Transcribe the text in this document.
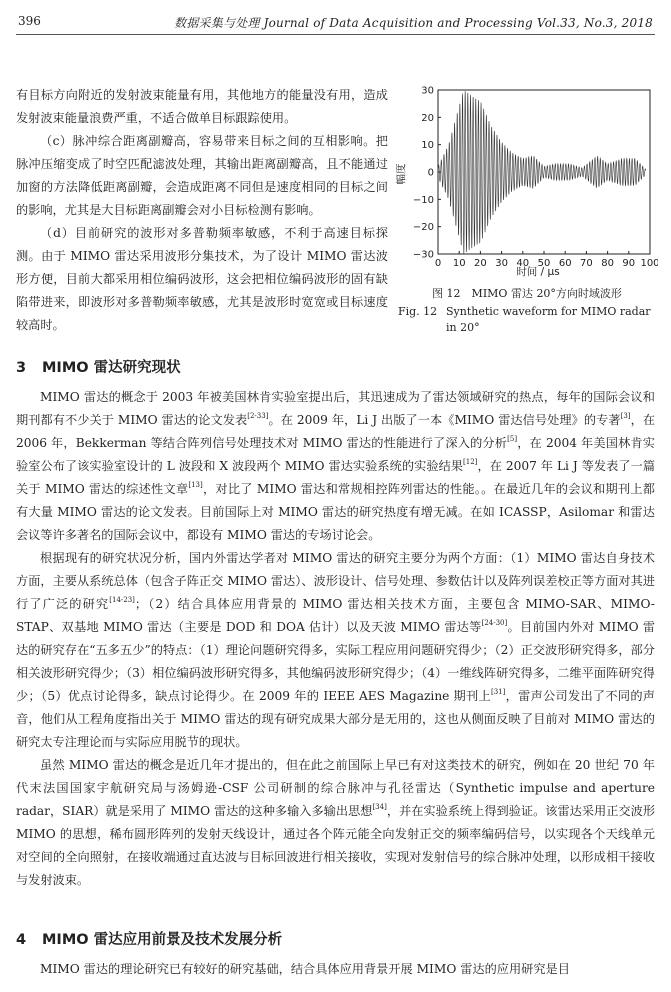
396	数据采集与处理 Journal of Data Acquisition and Processing Vol.33, No.3, 2018

有目标方向附近的发射波束能量有用，其他地方的能量没有用，造成发射波束能量浪费严重，不适合做单目标跟踪使用。

（c）脉冲综合距离副瓣高，容易带来目标之间的互相影响。把脉冲压缩变成了时空匹配滤波处理，其输出距离副瓣高，且不能通过加窗的方法降低距离副瓣，会造成距离不同但是速度相同的目标之间的影响，尤其是大目标距离副瓣会对小目标检测有影响。

（d）目前研究的波形对多普勒频率敏感，不利于高速目标探测。由于 MIMO 雷达采用波形分集技术，为了设计 MIMO 雷达波形方便，目前大都采用相位编码波形，这会把相位编码波形的固有缺陷带进来，即波形对多普勒频率敏感，尤其是波形时宽宽或目标速度较高时。

0 10 20 30 40 50 60 70 80 90 100
30
20
10
0
−10
−20
−30
时间 / μs
幅度
图 12　MIMO 雷达 20°方向时域波形
Fig. 12 Synthetic waveform for MIMO radar
in 20°
3 MIMO 雷达研究现状

MIMO 雷达的概念于 2003 年被美国林肯实验室提出后，其迅速成为了雷达领域研究的热点，每年的国际会议和期刊都有不少关于 MIMO 雷达的论文发表[2-33]。在 2009 年，Li J 出版了一本《MIMO 雷达信号处理》的专著[3]，在 2006 年，Bekkerman 等结合阵列信号处理技术对 MIMO 雷达的性能进行了深入的分析[5]，在 2004 年美国林肯实验室公布了该实验室设计的 L 波段和 X 波段两个 MIMO 雷达实验系统的实验结果[12]，在 2007 年 Li J 等发表了一篇关于 MIMO 雷达的综述性文章[13]，对比了 MIMO 雷达和常规相控阵列雷达的性能。。在最近几年的会议和期刊上都有大量 MIMO 雷达的论文发表。目前国际上对 MIMO 雷达的研究热度有增无减。在如 ICASSP，Asilomar 和雷达会议等许多著名的国际会议中，都设有 MIMO 雷达的专场讨论会。

根据现有的研究状况分析，国内外雷达学者对 MIMO 雷达的研究主要分为两个方面：（1）MIMO 雷达自身技术方面，主要从系统总体（包含子阵正交 MIMO 雷达）、波形设计、信号处理、参数估计以及阵列误差校正等方面对其进行了广泛的研究[14-23]；（2）结合具体应用背景的 MIMO 雷达相关技术方面，主要包含 MIMO-SAR、MIMO-STAP、双基地 MIMO 雷达（主要是 DOD 和 DOA 估计）以及天波 MIMO 雷达等[24-30]。目前国内外对 MIMO 雷达的研究存在“五多五少”的特点：（1）理论问题研究得多，实际工程应用问题研究得少；（2）正交波形研究得多，部分相关波形研究得少；（3）相位编码波形研究得多，其他编码波形研究得少；（4）一维线阵研究得多，二维平面阵研究得少；（5）优点讨论得多，缺点讨论得少。在 2009 年的 IEEE AES Magazine 期刊上[31]，雷声公司发出了不同的声音，他们从工程角度指出关于 MIMO 雷达的现有研究成果大部分是无用的，这也从侧面反映了目前对 MIMO 雷达的研究太专注理论而与实际应用脱节的现状。

虽然 MIMO 雷达的概念是近几年才提出的，但在此之前国际上早已有对这类技术的研究，例如在 20 世纪 70 年代末法国国家宇航研究局与汤姆逊-CSF 公司研制的综合脉冲与孔径雷达（Synthetic impulse and aperture radar，SIAR）就是采用了 MIMO 雷达的这种多输入多输出思想[34]，并在实验系统上得到验证。该雷达采用正交波形 MIMO 的思想，稀布圆形阵列的发射天线设计，通过各个阵元能全向发射正交的频率编码信号，以实现各个天线单元对空间的全向照射，在接收端通过直达波与目标回波进行相关接收，实现对发射信号的综合脉冲处理，以形成相干接收与发射波束。

4 MIMO 雷达应用前景及技术发展分析

MIMO 雷达的理论研究已有较好的研究基础，结合具体应用背景开展 MIMO 雷达的应用研究是目
